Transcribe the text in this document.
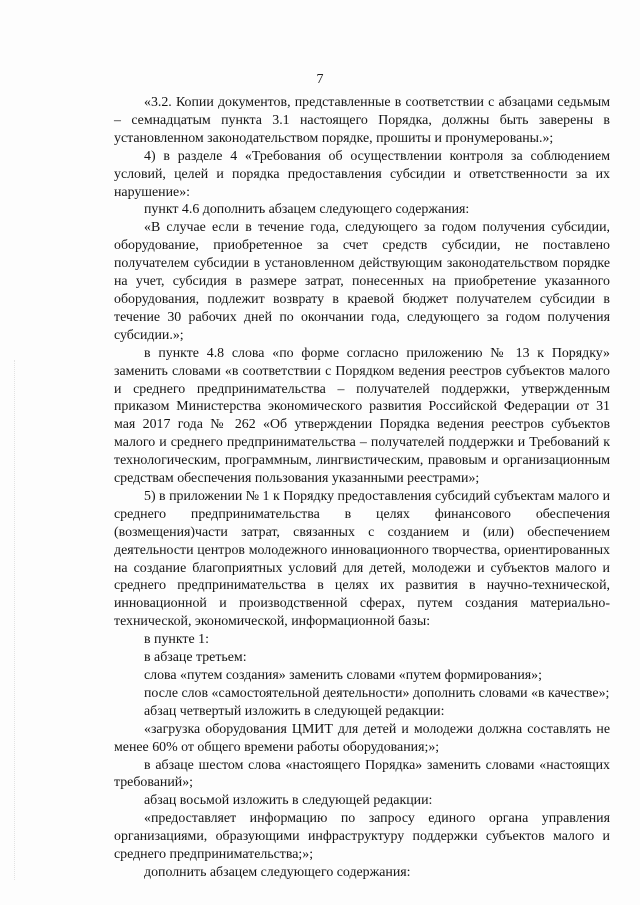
7

«3.2. Копии документов, представленные в соответствии с абзацами седьмым – семнадцатым пункта 3.1 настоящего Порядка, должны быть заверены в установленном законодательством порядке, прошиты и пронумерованы.»;

4) в разделе 4 «Требования об осуществлении контроля за соблюдением условий, целей и порядка предоставления субсидии и ответственности за их нарушение»:

пункт 4.6 дополнить абзацем следующего содержания:

«В случае если в течение года, следующего за годом получения субсидии, оборудование, приобретенное за счет средств субсидии, не поставлено получателем субсидии в установленном действующим законодательством порядке на учет, субсидия в размере затрат, понесенных на приобретение указанного оборудования, подлежит возврату в краевой бюджет получателем субсидии в течение 30 рабочих дней по окончании года, следующего за годом получения субсидии.»;

в пункте 4.8 слова «по форме согласно приложению № 13 к Порядку» заменить словами «в соответствии с Порядком ведения реестров субъектов малого и среднего предпринимательства – получателей поддержки, утвержденным приказом Министерства экономического развития Российской Федерации от 31 мая 2017 года № 262 «Об утверждении Порядка ведения реестров субъектов малого и среднего предпринимательства – получателей поддержки и Требований к технологическим, программным, лингвистическим, правовым и организационным средствам обеспечения пользования указанными реестрами»;

5) в приложении № 1 к Порядку предоставления субсидий субъектам малого и среднего предпринимательства в целях финансового обеспечения (возмещения)части затрат, связанных с созданием и (или) обеспечением деятельности центров молодежного инновационного творчества, ориентированных на создание благоприятных условий для детей, молодежи и субъектов малого и среднего предпринимательства в целях их развития в научно-технической, инновационной и производственной сферах, путем создания материально-технической, экономической, информационной базы:

в пункте 1:

в абзаце третьем:

слова «путем создания» заменить словами «путем формирования»;

после слов «самостоятельной деятельности» дополнить словами «в качестве»;

абзац четвертый изложить в следующей редакции:

«загрузка оборудования ЦМИТ для детей и молодежи должна составлять не менее 60% от общего времени работы оборудования;»;

в абзаце шестом слова «настоящего Порядка» заменить словами «настоящих требований»;

абзац восьмой изложить в следующей редакции:

«предоставляет информацию по запросу единого органа управления организациями, образующими инфраструктуру поддержки субъектов малого и среднего предпринимательства;»;

дополнить абзацем следующего содержания:
